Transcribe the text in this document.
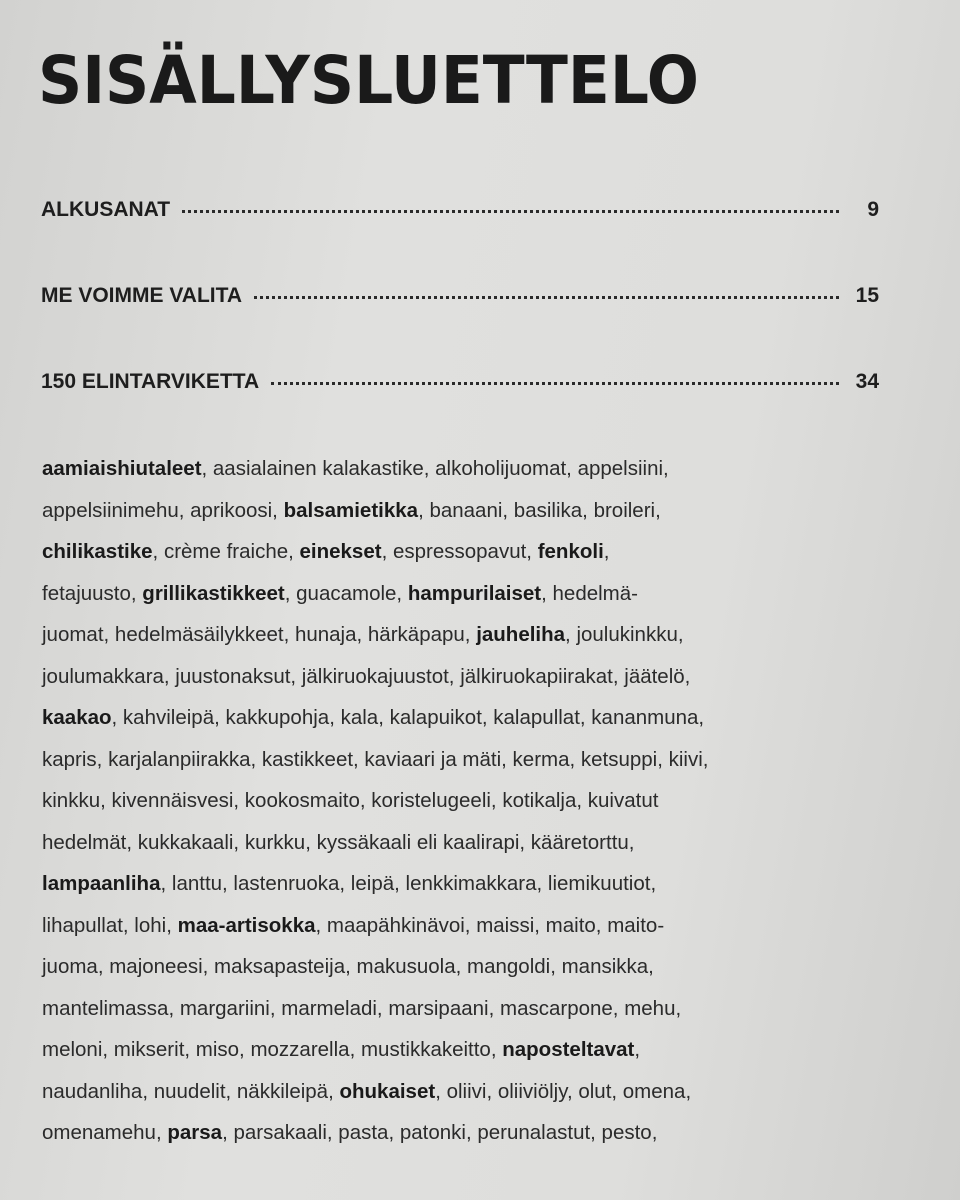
SISÄLLYSLUETTELO
ALKUSANAT	9
ME VOIMME VALITA	15
150 ELINTARVIKETTA	34
aamiaishiutaleet, aasialainen kalakastike, alkoholijuomat, appelsiini,
appelsiinimehu, aprikoosi, balsamietikka, banaani, basilika, broileri,
chilikastike, crème fraiche, einekset, espressopavut, fenkoli,
fetajuusto, grillikastikkeet, guacamole, hampurilaiset, hedelmä-
juomat, hedelmäsäilykkeet, hunaja, härkäpapu, jauheliha, joulukinkku,
joulumakkara, juustonaksut, jälkiruokajuustot, jälkiruokapiirakat, jäätelö,
kaakao, kahvileipä, kakkupohja, kala, kalapuikot, kalapullat, kananmuna,
kapris, karjalanpiirakka, kastikkeet, kaviaari ja mäti, kerma, ketsuppi, kiivi,
kinkku, kivennäisvesi, kookosmaito, koristelugeeli, kotikalja, kuivatut
hedelmät, kukkakaali, kurkku, kyssäkaali eli kaalirapi, kääretorttu,
lampaanliha, lanttu, lastenruoka, leipä, lenkkimakkara, liemikuutiot,
lihapullat, lohi, maa-artisokka, maapähkinävoi, maissi, maito, maito-
juoma, majoneesi, maksapasteija, makusuola, mangoldi, mansikka,
mantelimassa, margariini, marmeladi, marsipaani, mascarpone, mehu,
meloni, mikserit, miso, mozzarella, mustikkakeitto, naposteltavat,
naudanliha, nuudelit, näkkileipä, ohukaiset, oliivi, oliiviöljy, olut, omena,
omenamehu, parsa, parsakaali, pasta, patonki, perunalastut, pesto,
